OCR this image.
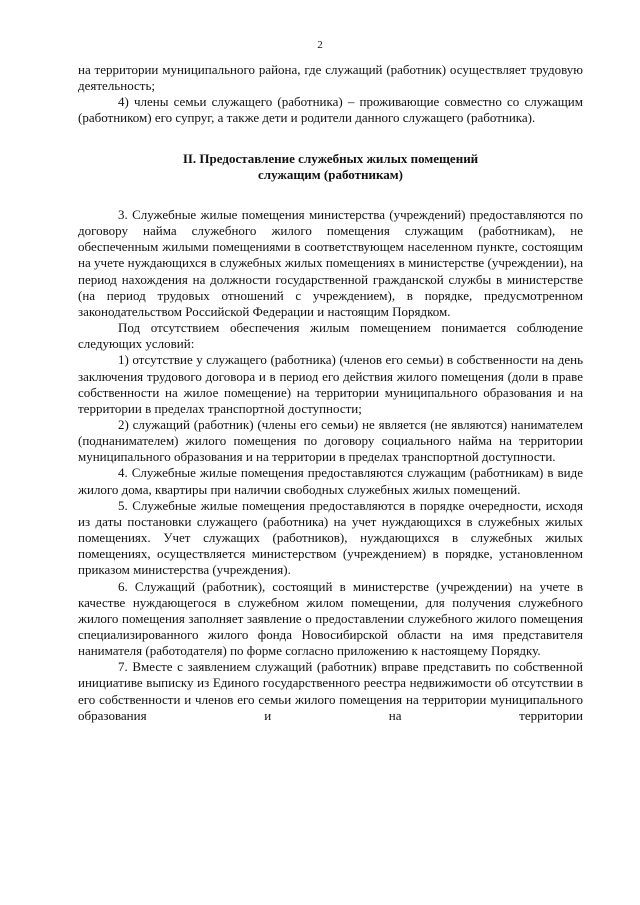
2

на территории муниципального района, где служащий (работник) осуществляет трудовую деятельность;

4) члены семьи служащего (работника) – проживающие совместно со служащим (работником) его супруг, а также дети и родители данного служащего (работника).

II. Предоставление служебных жилых помещений
служащим (работникам)

3. Служебные жилые помещения министерства (учреждений) предоставляются по договору найма служебного жилого помещения служащим (работникам), не обеспеченным жилыми помещениями в соответствующем населенном пункте, состоящим на учете нуждающихся в служебных жилых помещениях в министерстве (учреждении), на период нахождения на должности государственной гражданской службы в министерстве (на период трудовых отношений с учреждением), в порядке, предусмотренном законодательством Российской Федерации и настоящим Порядком.

Под отсутствием обеспечения жилым помещением понимается соблюдение следующих условий:

1) отсутствие у служащего (работника) (членов его семьи) в собственности на день заключения трудового договора и в период его действия жилого помещения (доли в праве собственности на жилое помещение) на территории муниципального образования и на территории в пределах транспортной доступности;

2) служащий (работник) (члены его семьи) не является (не являются) нанимателем (поднанимателем) жилого помещения по договору социального найма на территории муниципального образования и на территории в пределах транспортной доступности.

4. Служебные жилые помещения предоставляются служащим (работникам) в виде жилого дома, квартиры при наличии свободных служебных жилых помещений.

5. Служебные жилые помещения предоставляются в порядке очередности, исходя из даты постановки служащего (работника) на учет нуждающихся в служебных жилых помещениях. Учет служащих (работников), нуждающихся в служебных жилых помещениях, осуществляется министерством (учреждением) в порядке, установленном приказом министерства (учреждения).

6. Служащий (работник), состоящий в министерстве (учреждении) на учете в качестве нуждающегося в служебном жилом помещении, для получения служебного жилого помещения заполняет заявление о предоставлении служебного жилого помещения специализированного жилого фонда Новосибирской области на имя представителя нанимателя (работодателя) по форме согласно приложению к настоящему Порядку.

7. Вместе с заявлением служащий (работник) вправе представить по собственной инициативе выписку из Единого государственного реестра недвижимости об отсутствии в его собственности и членов его семьи жилого помещения на территории муниципального образования и на территории
